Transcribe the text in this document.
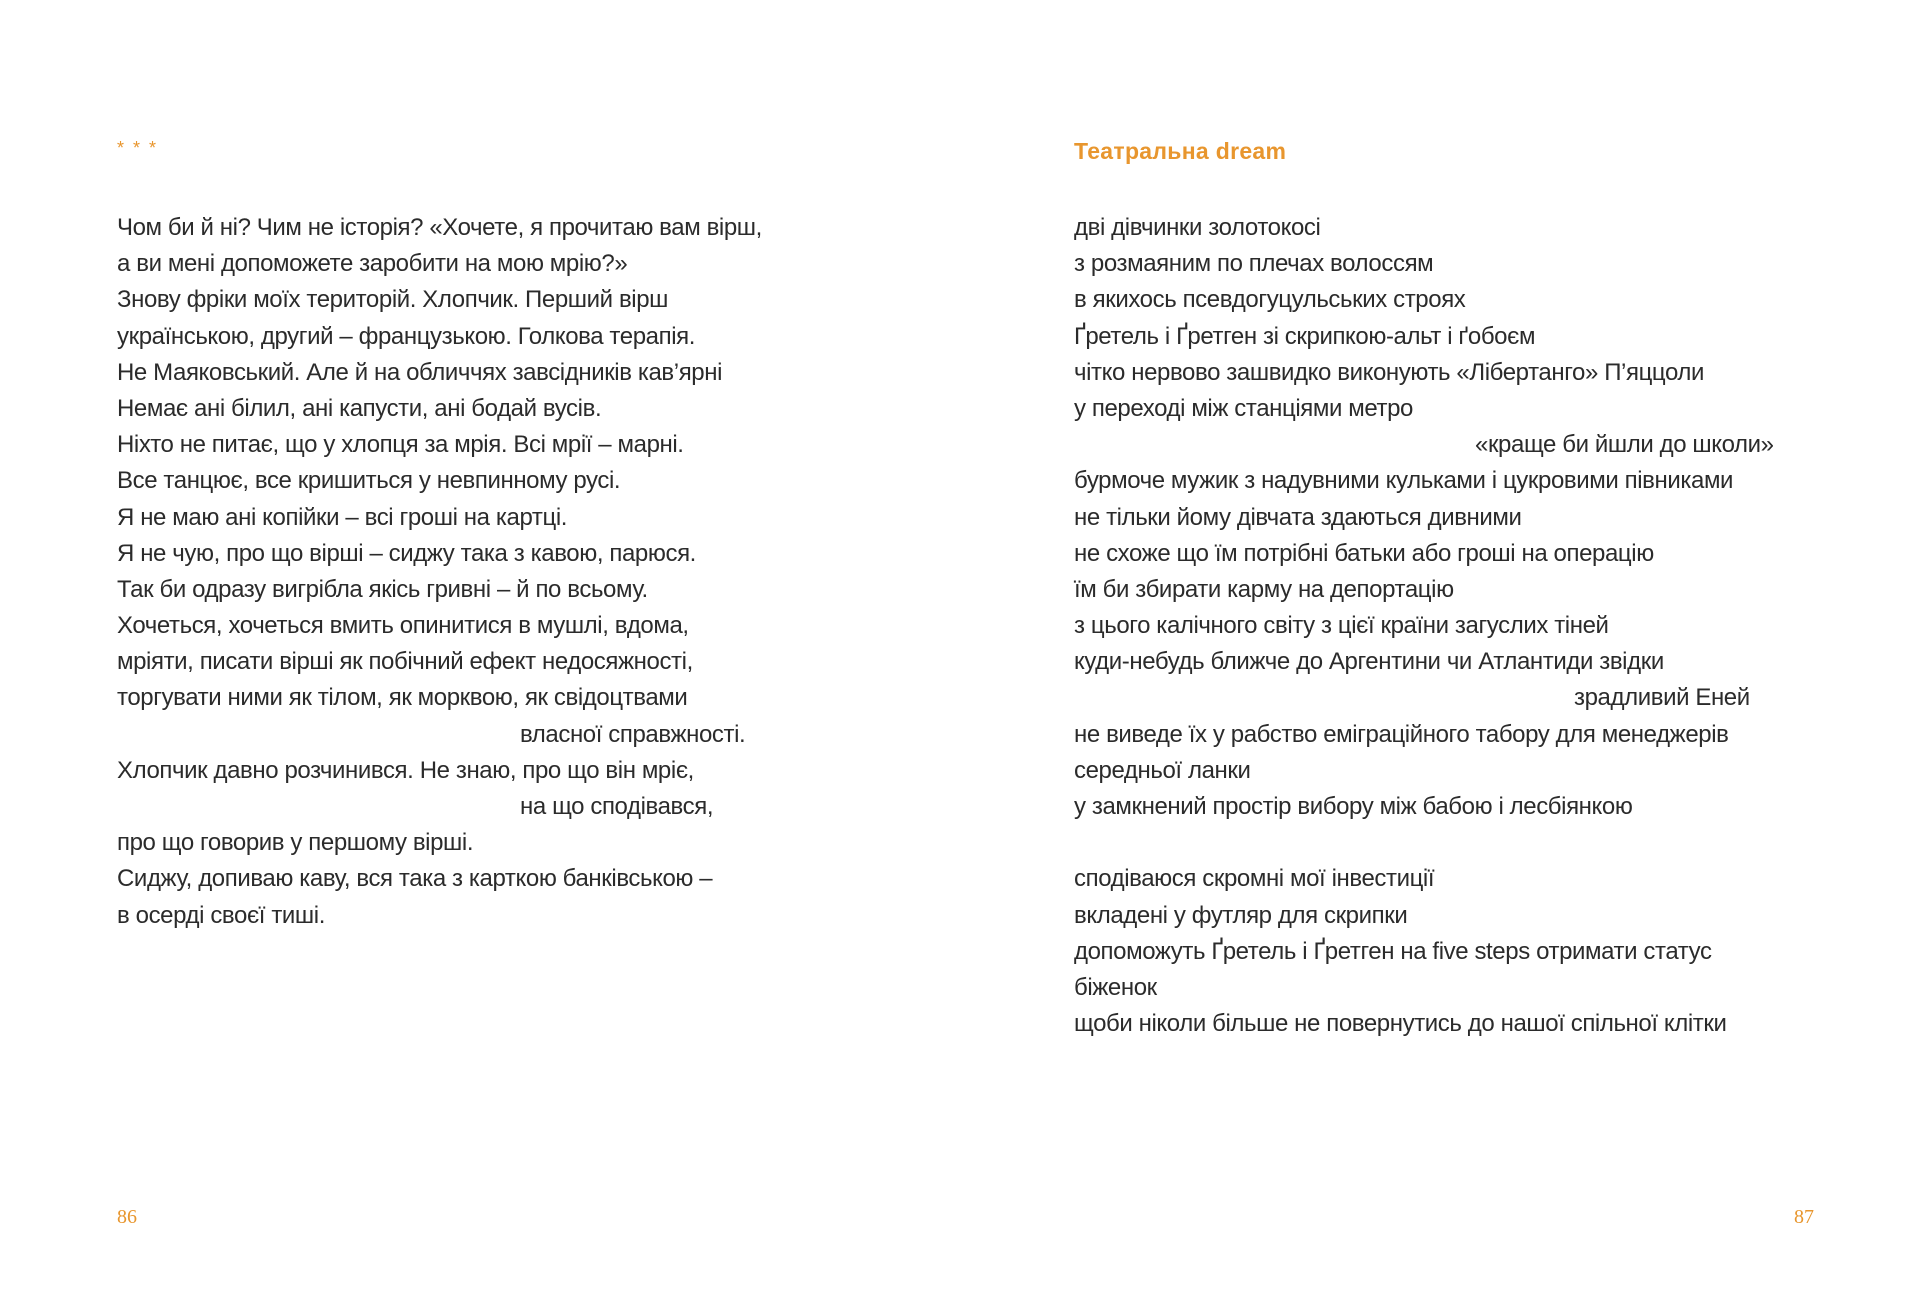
* * *
Чом би й ні? Чим не історія? «Хочете, я прочитаю вам вірш,
а ви мені допоможете заробити на мою мрію?»
Знову фріки моїх територій. Хлопчик. Перший вірш
українською, другий – французькою. Голкова терапія.
Не Маяковський. Але й на обличчях завсідників кав’ярні
Немає ані білил, ані капусти, ані бодай вусів.
Ніхто не питає, що у хлопця за мрія. Всі мрії – марні.
Все танцює, все кришиться у невпинному русі.
Я не маю ані копійки – всі гроші на картці.
Я не чую, про що вірші – сиджу така з кавою, парюся.
Так би одразу вигрібла якісь гривні – й по всьому.
Хочеться, хочеться вмить опинитися в мушлі, вдома,
мріяти, писати вірші як побічний ефект недосяжності,
торгувати ними як тілом, як морквою, як свідоцтвами
власної справжності.
Хлопчик давно розчинився. Не знаю, про що він мріє,
на що сподівався,
про що говорив у першому вірші.
Сиджу, допиваю каву, вся така з карткою банківською –
в осерді своєї тиші.
86
Театральна dream
дві дівчинки золотокосі
з розмаяним по плечах волоссям
в якихось псевдогуцульських строях
Ґретель і Ґретген зі скрипкою-альт і ґобоєм
чітко нервово зашвидко виконують «Лібертанго» П’яццоли
у переході між станціями метро
«краще би йшли до школи»
бурмоче мужик з надувними кульками і цукровими півниками
не тільки йому дівчата здаються дивними
не схоже що їм потрібні батьки або гроші на операцію
їм би збирати карму на депортацію
з цього калічного світу з цієї країни загуслих тіней
куди-небудь ближче до Аргентини чи Атлантиди звідки
зрадливий Еней
не виведе їх у рабство еміграційного табору для менеджерів
середньої ланки
у замкнений простір вибору між бабою і лесбіянкою
сподіваюся скромні мої інвестиції
вкладені у футляр для скрипки
допоможуть Ґретель і Ґретген на five steps отримати статус
біженок
щоби ніколи більше не повернутись до нашої спільної клітки
87
